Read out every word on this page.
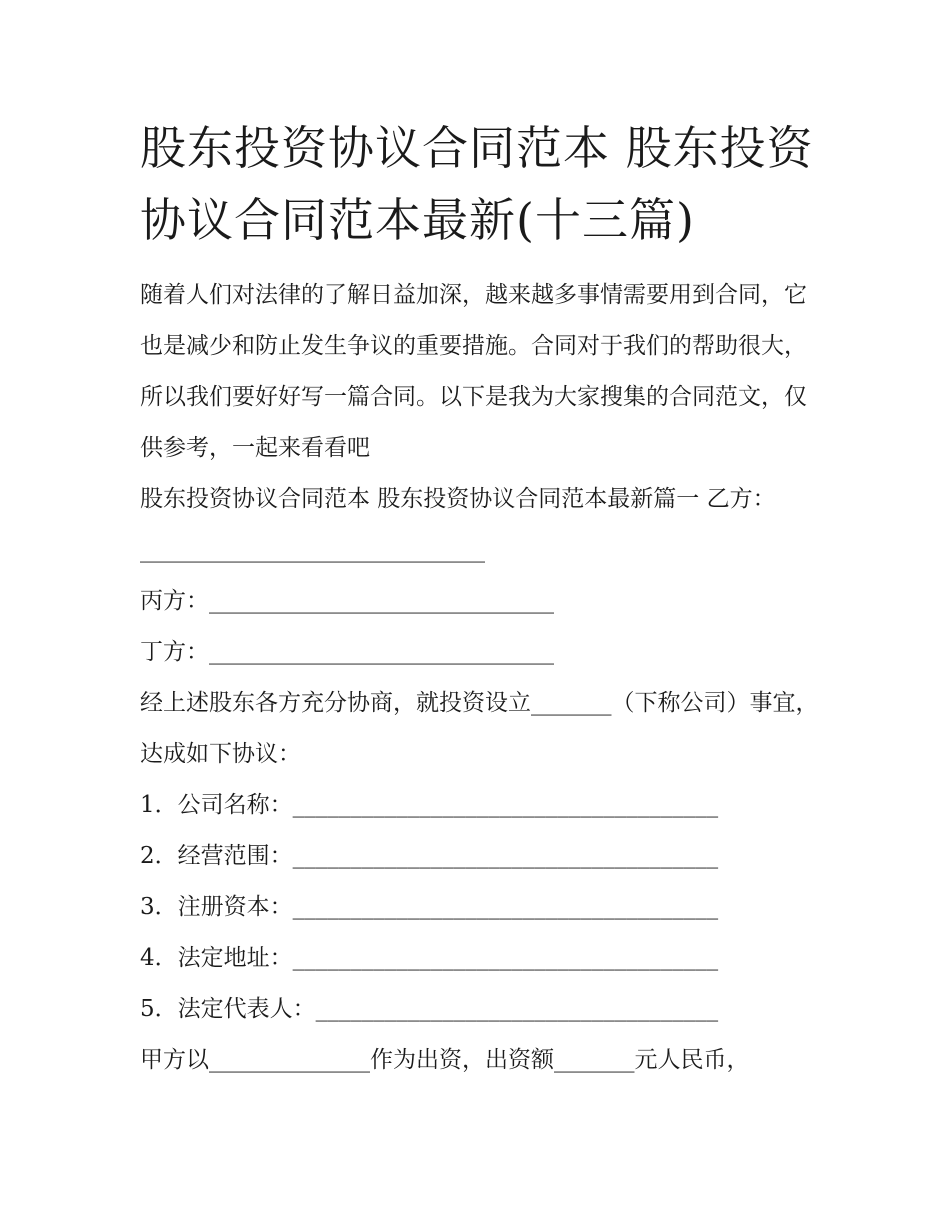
股东投资协议合同范本 股东投资协议合同范本最新(十三篇)

随着人们对法律的了解日益加深，越来越多事情需要用到合同，它也是减少和防止发生争议的重要措施。合同对于我们的帮助很大，所以我们要好好写一篇合同。以下是我为大家搜集的合同范文，仅供参考，一起来看看吧

股东投资协议合同范本 股东投资协议合同范本最新篇一 乙方：______________________________

丙方：______________________________

丁方：______________________________

经上述股东各方充分协商，就投资设立_______（下称公司）事宜，达成如下协议：

1．公司名称：_____________________________________

2．经营范围：_____________________________________

3．注册资本：_____________________________________

4．法定地址：_____________________________________

5．法定代表人：___________________________________

甲方以______________作为出资，出资额_______元人民币，
